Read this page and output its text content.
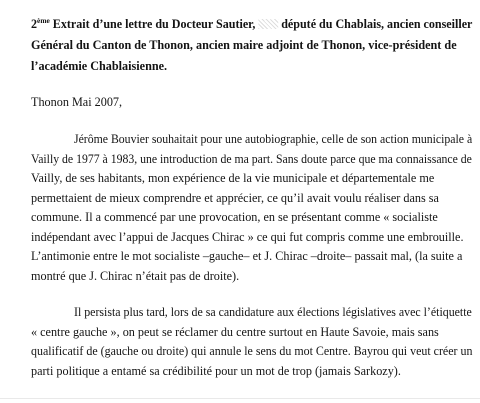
2ème Extrait d’une lettre du Docteur Sautier, député du Chablais, ancien conseiller
Général du Canton de Thonon, ancien maire adjoint de Thonon, vice-président de
l’académie Chablaisienne.
Thonon Mai 2007,
Jérôme Bouvier souhaitait pour une autobiographie, celle de son action municipale à
Vailly de 1977 à 1983, une introduction de ma part. Sans doute parce que ma connaissance de
Vailly, de ses habitants, mon expérience de la vie municipale et départementale me
permettaient de mieux comprendre et apprécier, ce qu’il avait voulu réaliser dans sa
commune. Il a commencé par une provocation, en se présentant comme « socialiste
indépendant avec l’appui de Jacques Chirac » ce qui fut compris comme une embrouille.
L’antimonie entre le mot socialiste –gauche– et J. Chirac –droite– passait mal, (la suite a
montré que J. Chirac n’était pas de droite).
Il persista plus tard, lors de sa candidature aux élections législatives avec l’étiquette
« centre gauche », on peut se réclamer du centre surtout en Haute Savoie, mais sans
qualificatif de (gauche ou droite) qui annule le sens du mot Centre. Bayrou qui veut créer un
parti politique a entamé sa crédibilité pour un mot de trop (jamais Sarkozy).
